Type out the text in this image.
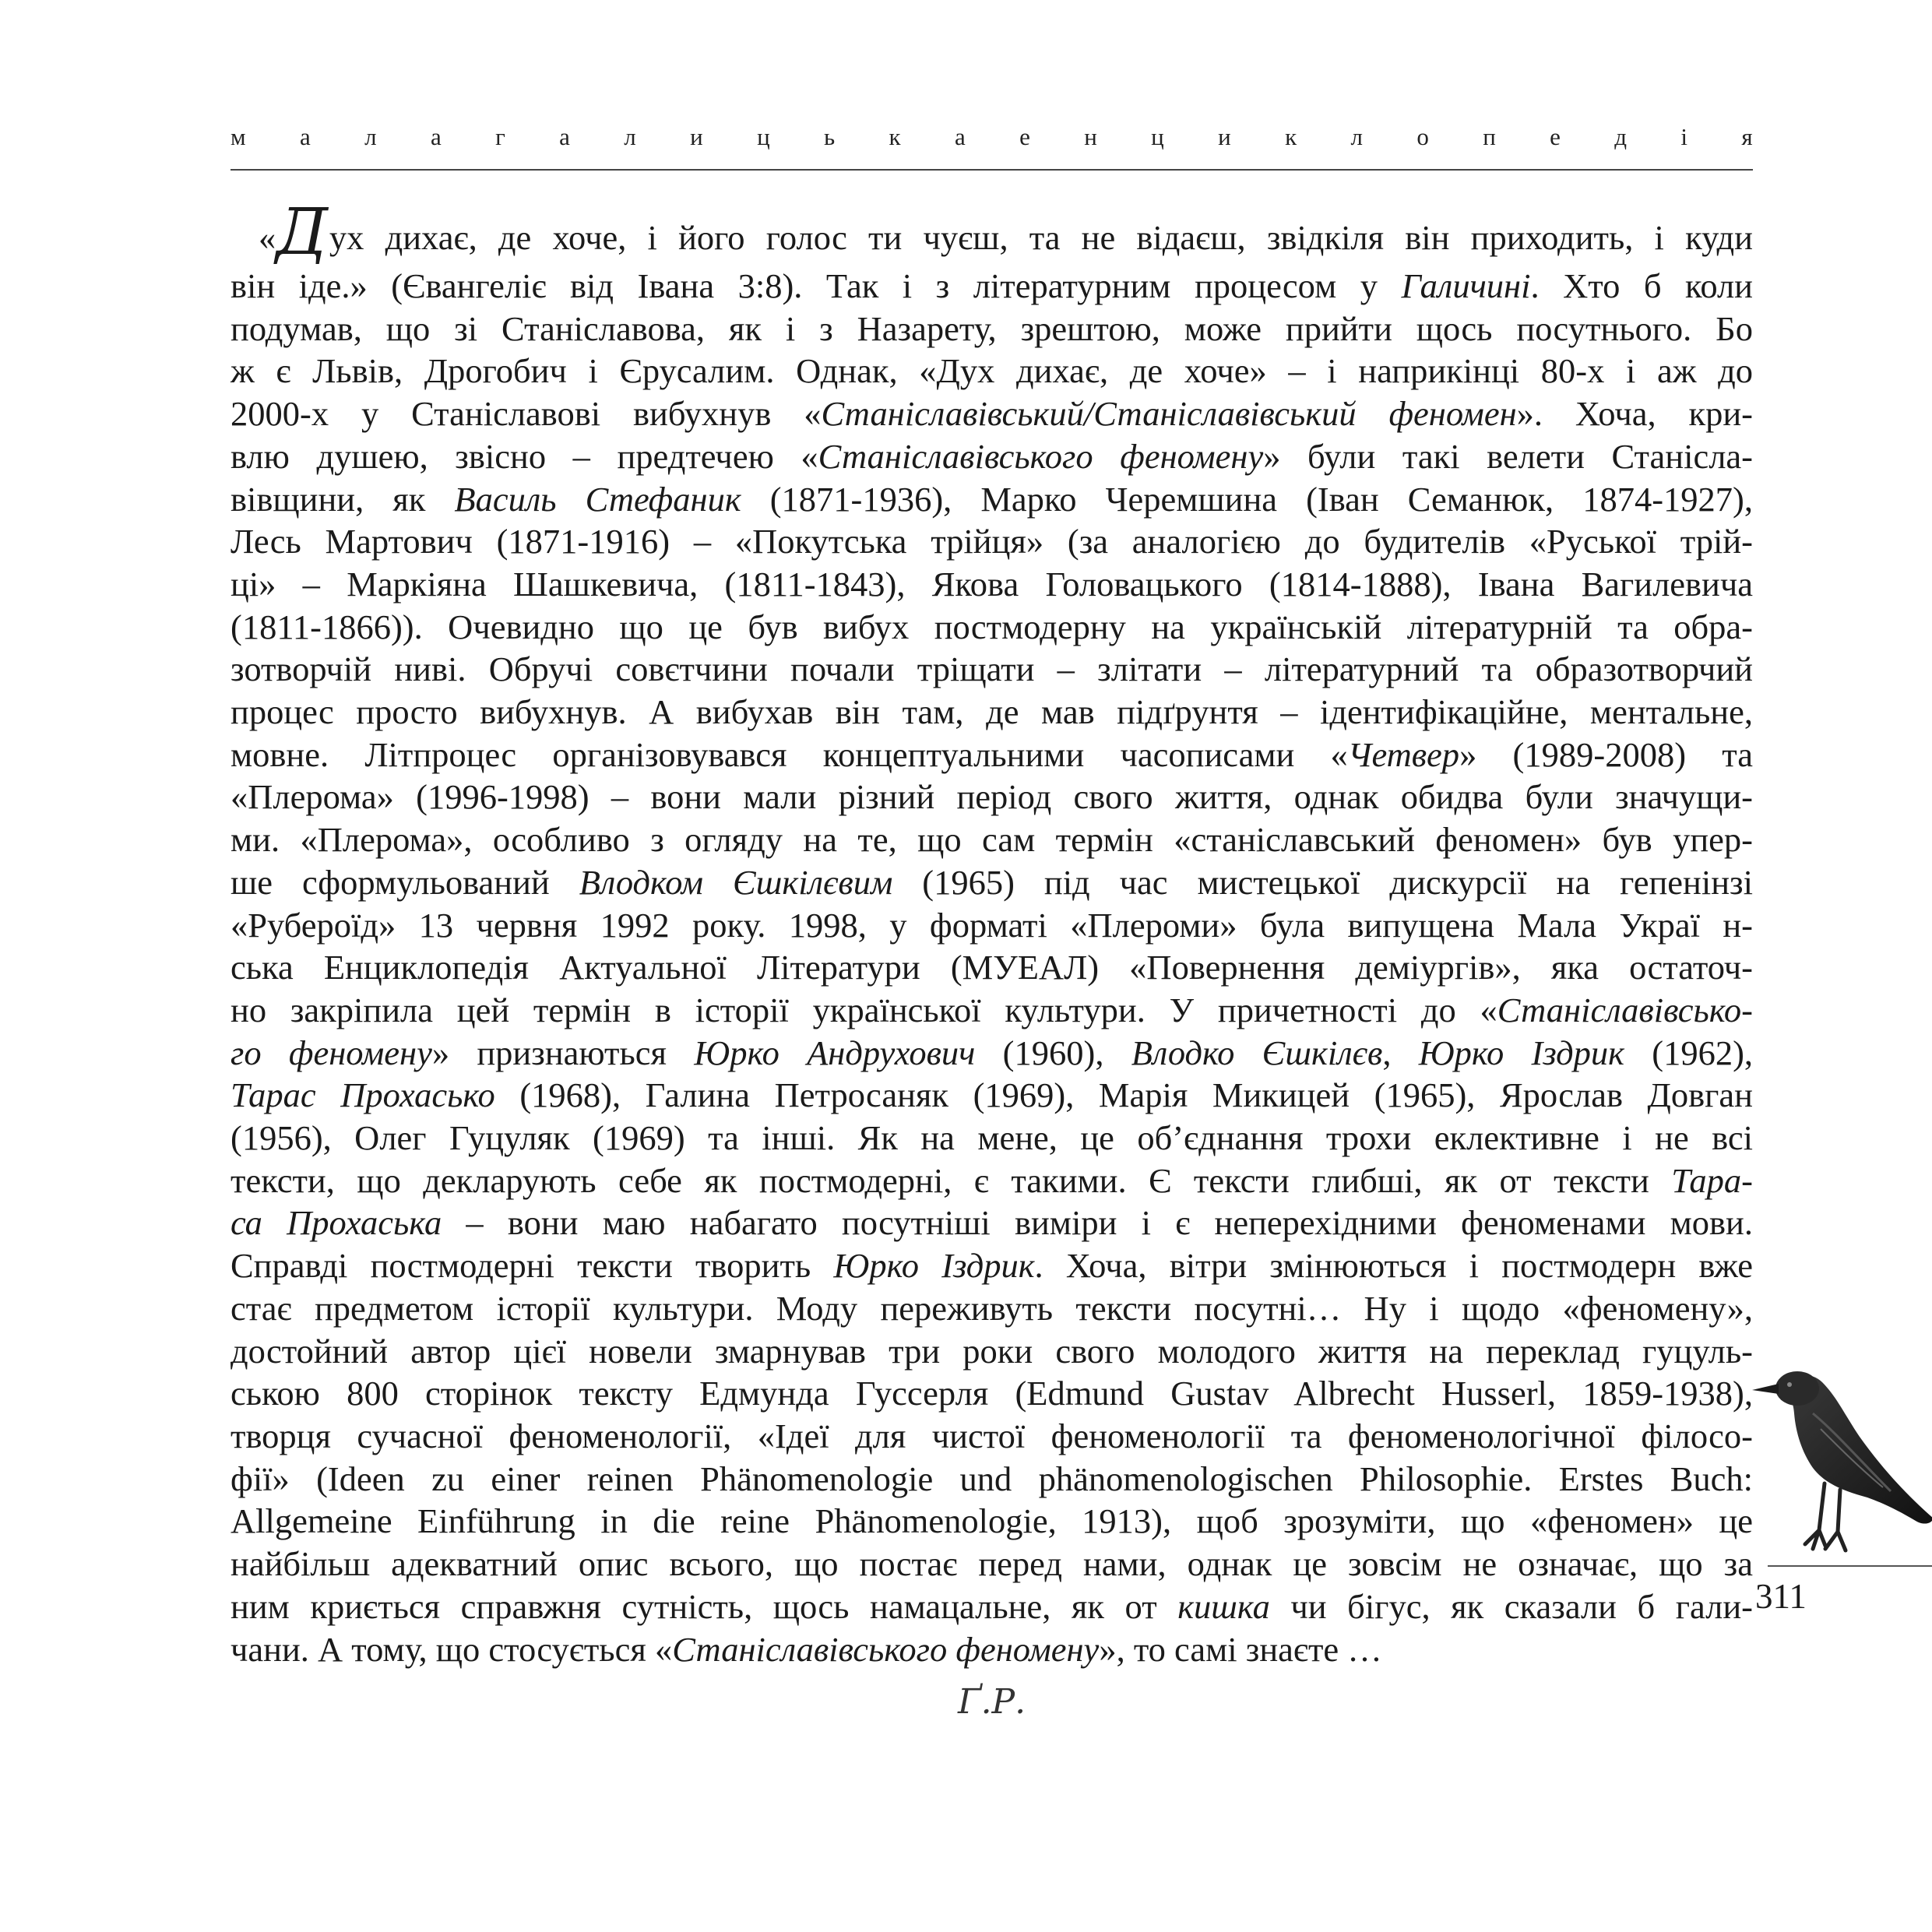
м а л а г а л и ц ь к а е н ц и к л о п е д і я
«Дух дихає, де хоче, і його голос ти чуєш, та не відаєш, звідкіля він приходить, і куди
він іде.» (Євангеліє від Івана 3:8). Так і з літературним процесом у Галичині. Хто б коли
подумав, що зі Станіславова, як і з Назарету, зрештою, може прийти щось посутнього. Бо
ж є Львів, Дрогобич і Єрусалим. Однак, «Дух дихає, де хоче» – і наприкінці 80-х і аж до
2000-х у Станіславові вибухнув «Станіславівський/Станіславівський феномен». Хоча, кри-
влю душею, звісно – предтечею «Станіславівського феномену» були такі велети Станісла-
вівщини, як Василь Стефаник (1871-1936), Марко Черемшина (Іван Семанюк, 1874-1927),
Лесь Мартович (1871-1916) – «Покутська трійця» (за аналогією до будителів «Руської трій-
ці» – Маркіяна Шашкевича, (1811-1843), Якова Головацького (1814-1888), Івана Вагилевича
(1811-1866)). Очевидно що це був вибух постмодерну на українській літературній та обра-
зотворчій ниві. Обручі совєтчини почали тріщати – злітати – літературний та образотворчий
процес просто вибухнув. А вибухав він там, де мав підґрунтя – ідентифікаційне, ментальне,
мовне. Літпроцес організовувався концептуальними часописами «Четвер» (1989-2008) та
«Плерома» (1996-1998) – вони мали різний період свого життя, однак обидва були значущи-
ми. «Плерома», особливо з огляду на те, що сам термін «станіславський феномен» був упер-
ше сформульований Влодком Єшкілєвим (1965) під час мистецької дискурсії на гепенінзі
«Рубероїд» 13 червня 1992 року. 1998, у форматі «Плероми» була випущена Мала Украї н-
ська Енциклопедія Актуальної Літератури (МУЕАЛ) «Повернення деміургів», яка остаточ-
но закріпила цей термін в історії української культури. У причетності до «Станіславівсько-
го феномену» признаються Юрко Андрухович (1960), Влодко Єшкілєв, Юрко Іздрик (1962),
Тарас Прохасько (1968), Галина Петросаняк (1969), Марія Микицей (1965), Ярослав Довган
(1956), Олег Гуцуляк (1969) та інші. Як на мене, це об’єднання трохи еклективне і не всі
тексти, що декларують себе як постмодерні, є такими. Є тексти глибші, як от тексти Тара-
са Прохаська – вони маю набагато посутніші виміри і є неперехідними феноменами мови.
Справді постмодерні тексти творить Юрко Іздрик. Хоча, вітри змінюються і постмодерн вже
стає предметом історії культури. Моду переживуть тексти посутні… Ну і щодо «феномену»,
достойний автор цієї новели змарнував три роки свого молодого життя на переклад гуцуль-
ською 800 сторінок тексту Едмунда Гуссерля (Edmund Gustav Albrecht Husserl, 1859-1938),
творця сучасної феноменології, «Ідеї для чистої феноменології та феноменологічної філосо-
фії» (Ideen zu einer reinen Phänomenologie und phänomenologischen Philosophie. Erstes Buch:
Allgemeine Einführung in die reine Phänomenologie, 1913), щоб зрозуміти, що «феномен» це
найбільш адекватний опис всього, що постає перед нами, однак це зовсім не означає, що за
ним криється справжня сутність, щось намацальне, як от кишка чи бігус, як сказали б гали-
чани. А тому, що стосується «Станіславівського феномену», то самі знаєте …
311
Ґ.Р.
